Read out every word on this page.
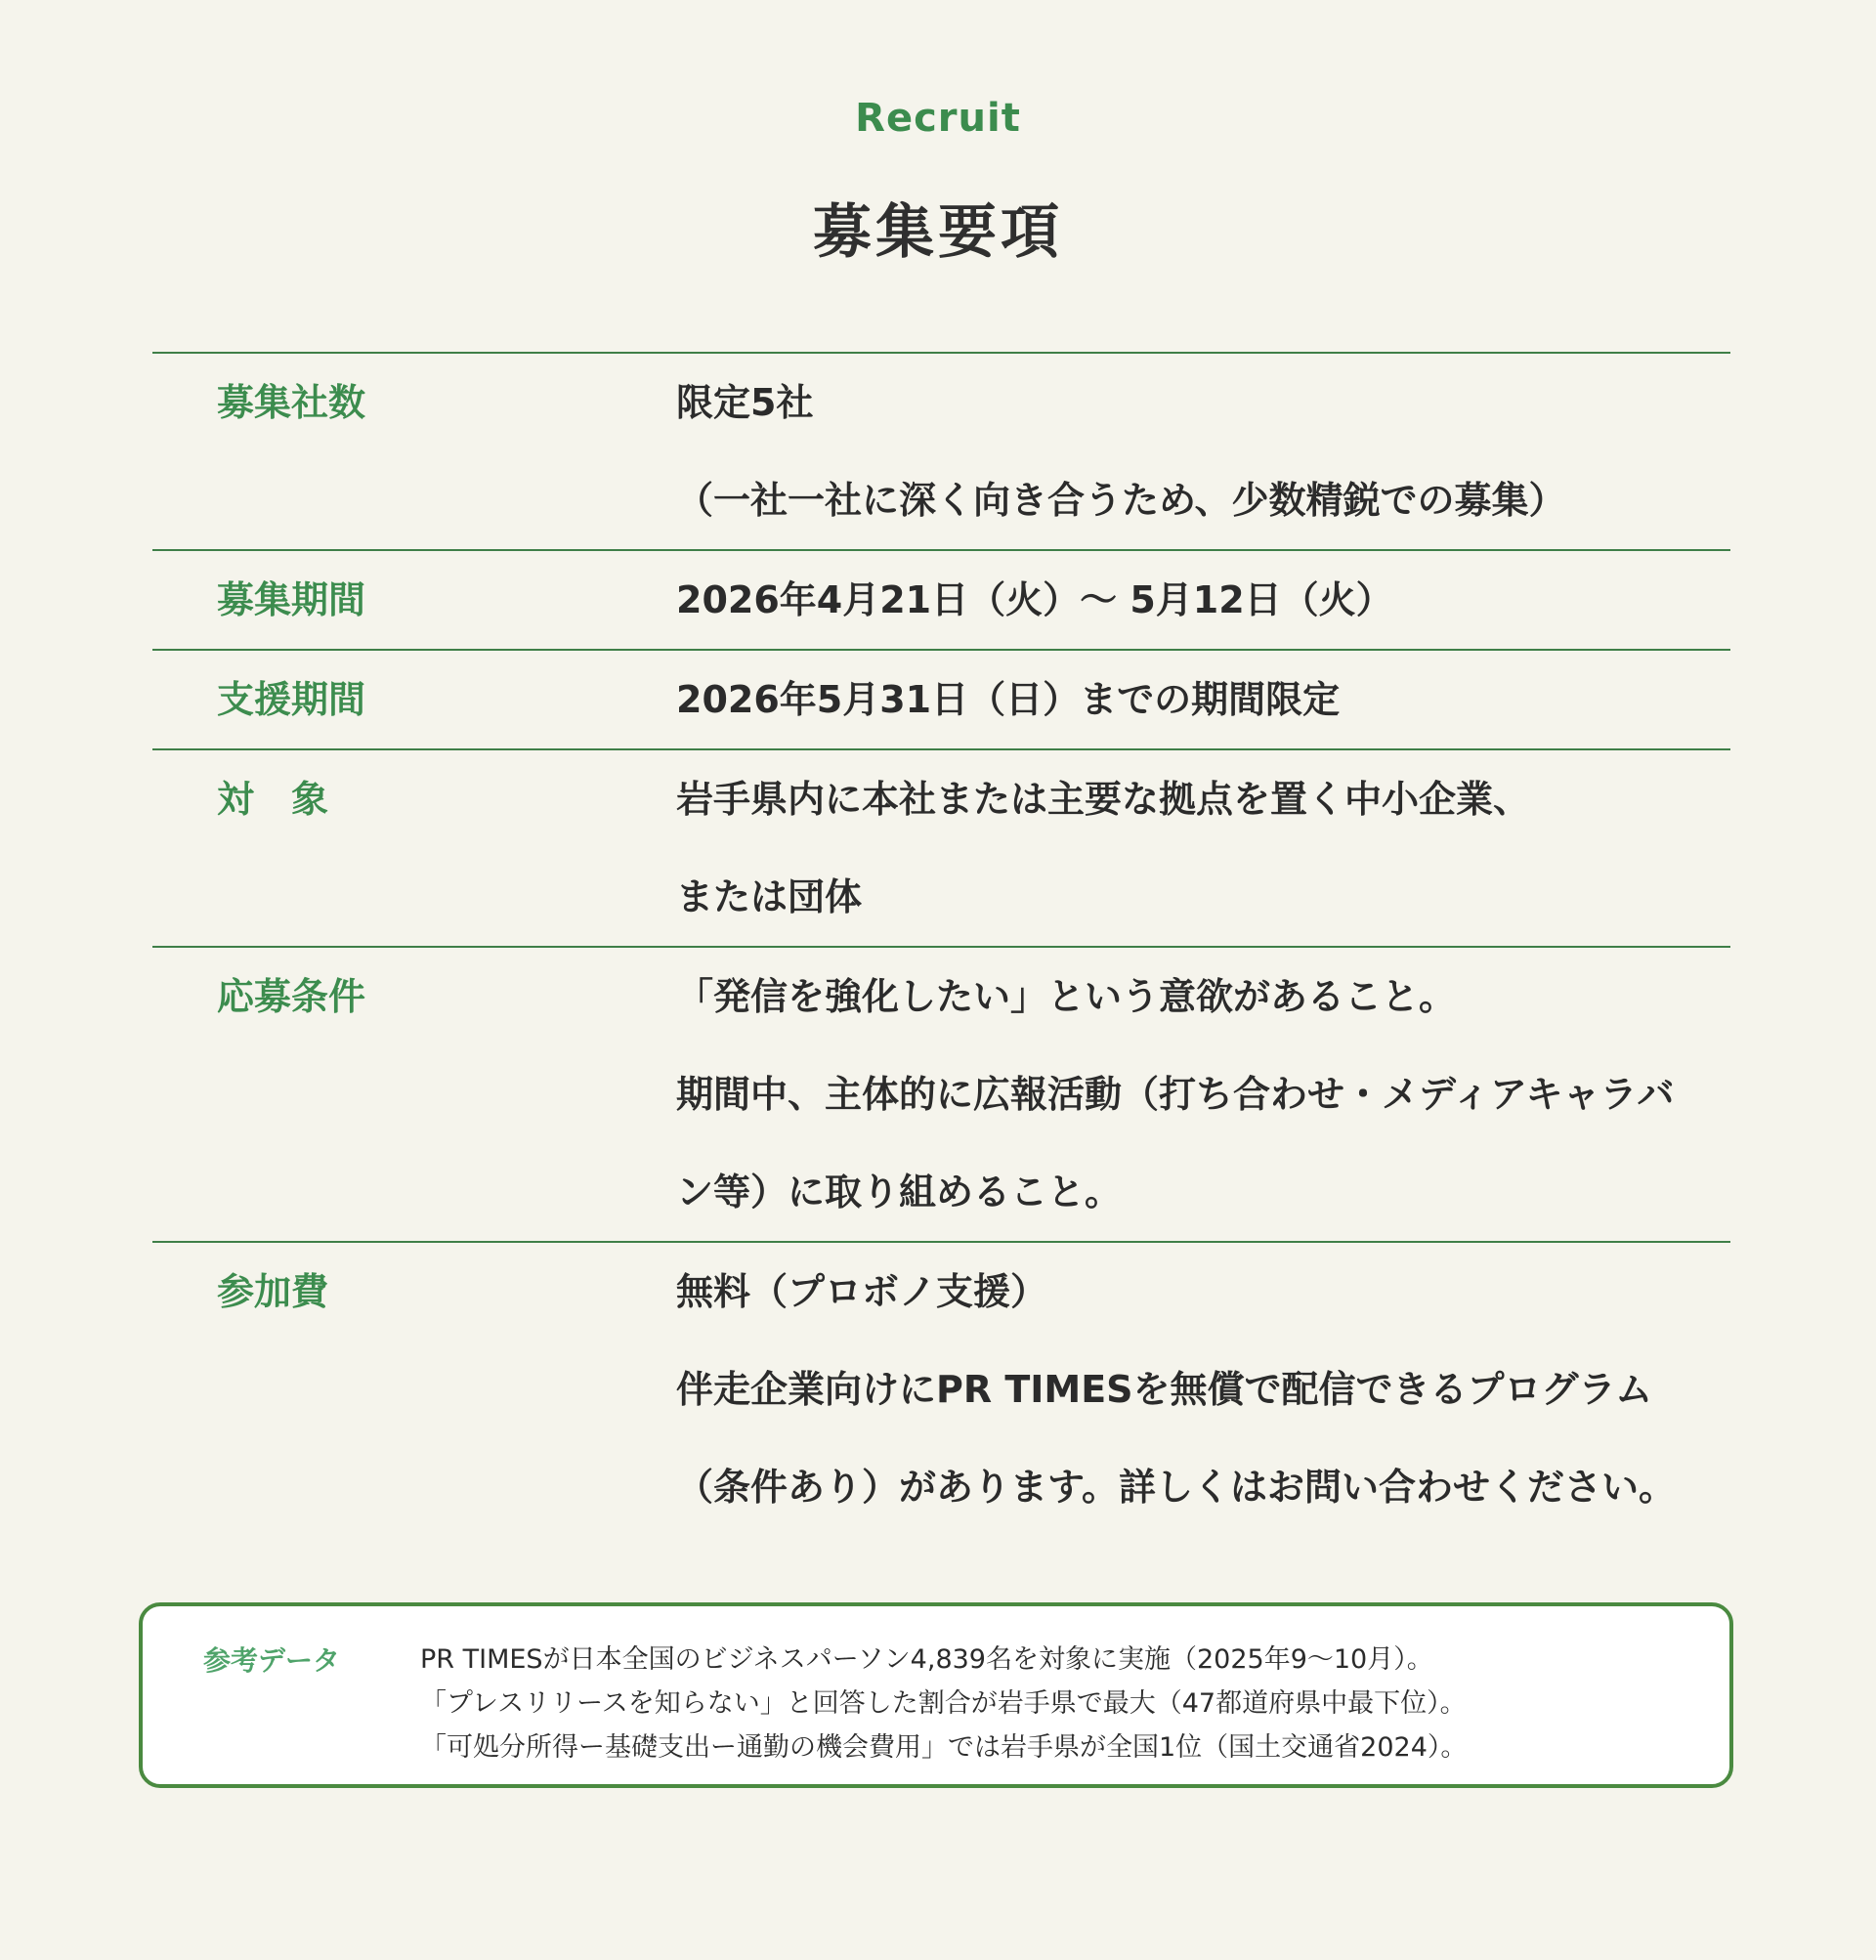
Recruit
募集要項
募集社数	限定5社
（一社一社に深く向き合うため、少数精鋭での募集）
募集期間	2026年4月21日（火）～ 5月12日（火）
支援期間	2026年5月31日（日）までの期間限定
対象	岩手県内に本社または主要な拠点を置く中小企業、
または団体
応募条件	「発信を強化したい」という意欲があること。
期間中、主体的に広報活動（打ち合わせ・メディアキャラバ
ン等）に取り組めること。
参加費	無料（プロボノ支援）
伴走企業向けにPR TIMESを無償で配信できるプログラム
（条件あり）があります。詳しくはお問い合わせください。
参考データ	PR TIMESが日本全国のビジネスパーソン4,839名を対象に実施（2025年9〜10月）。
「プレスリリースを知らない」と回答した割合が岩手県で最大（47都道府県中最下位）。
「可処分所得ー基礎支出ー通勤の機会費用」では岩手県が全国1位（国土交通省2024）。
